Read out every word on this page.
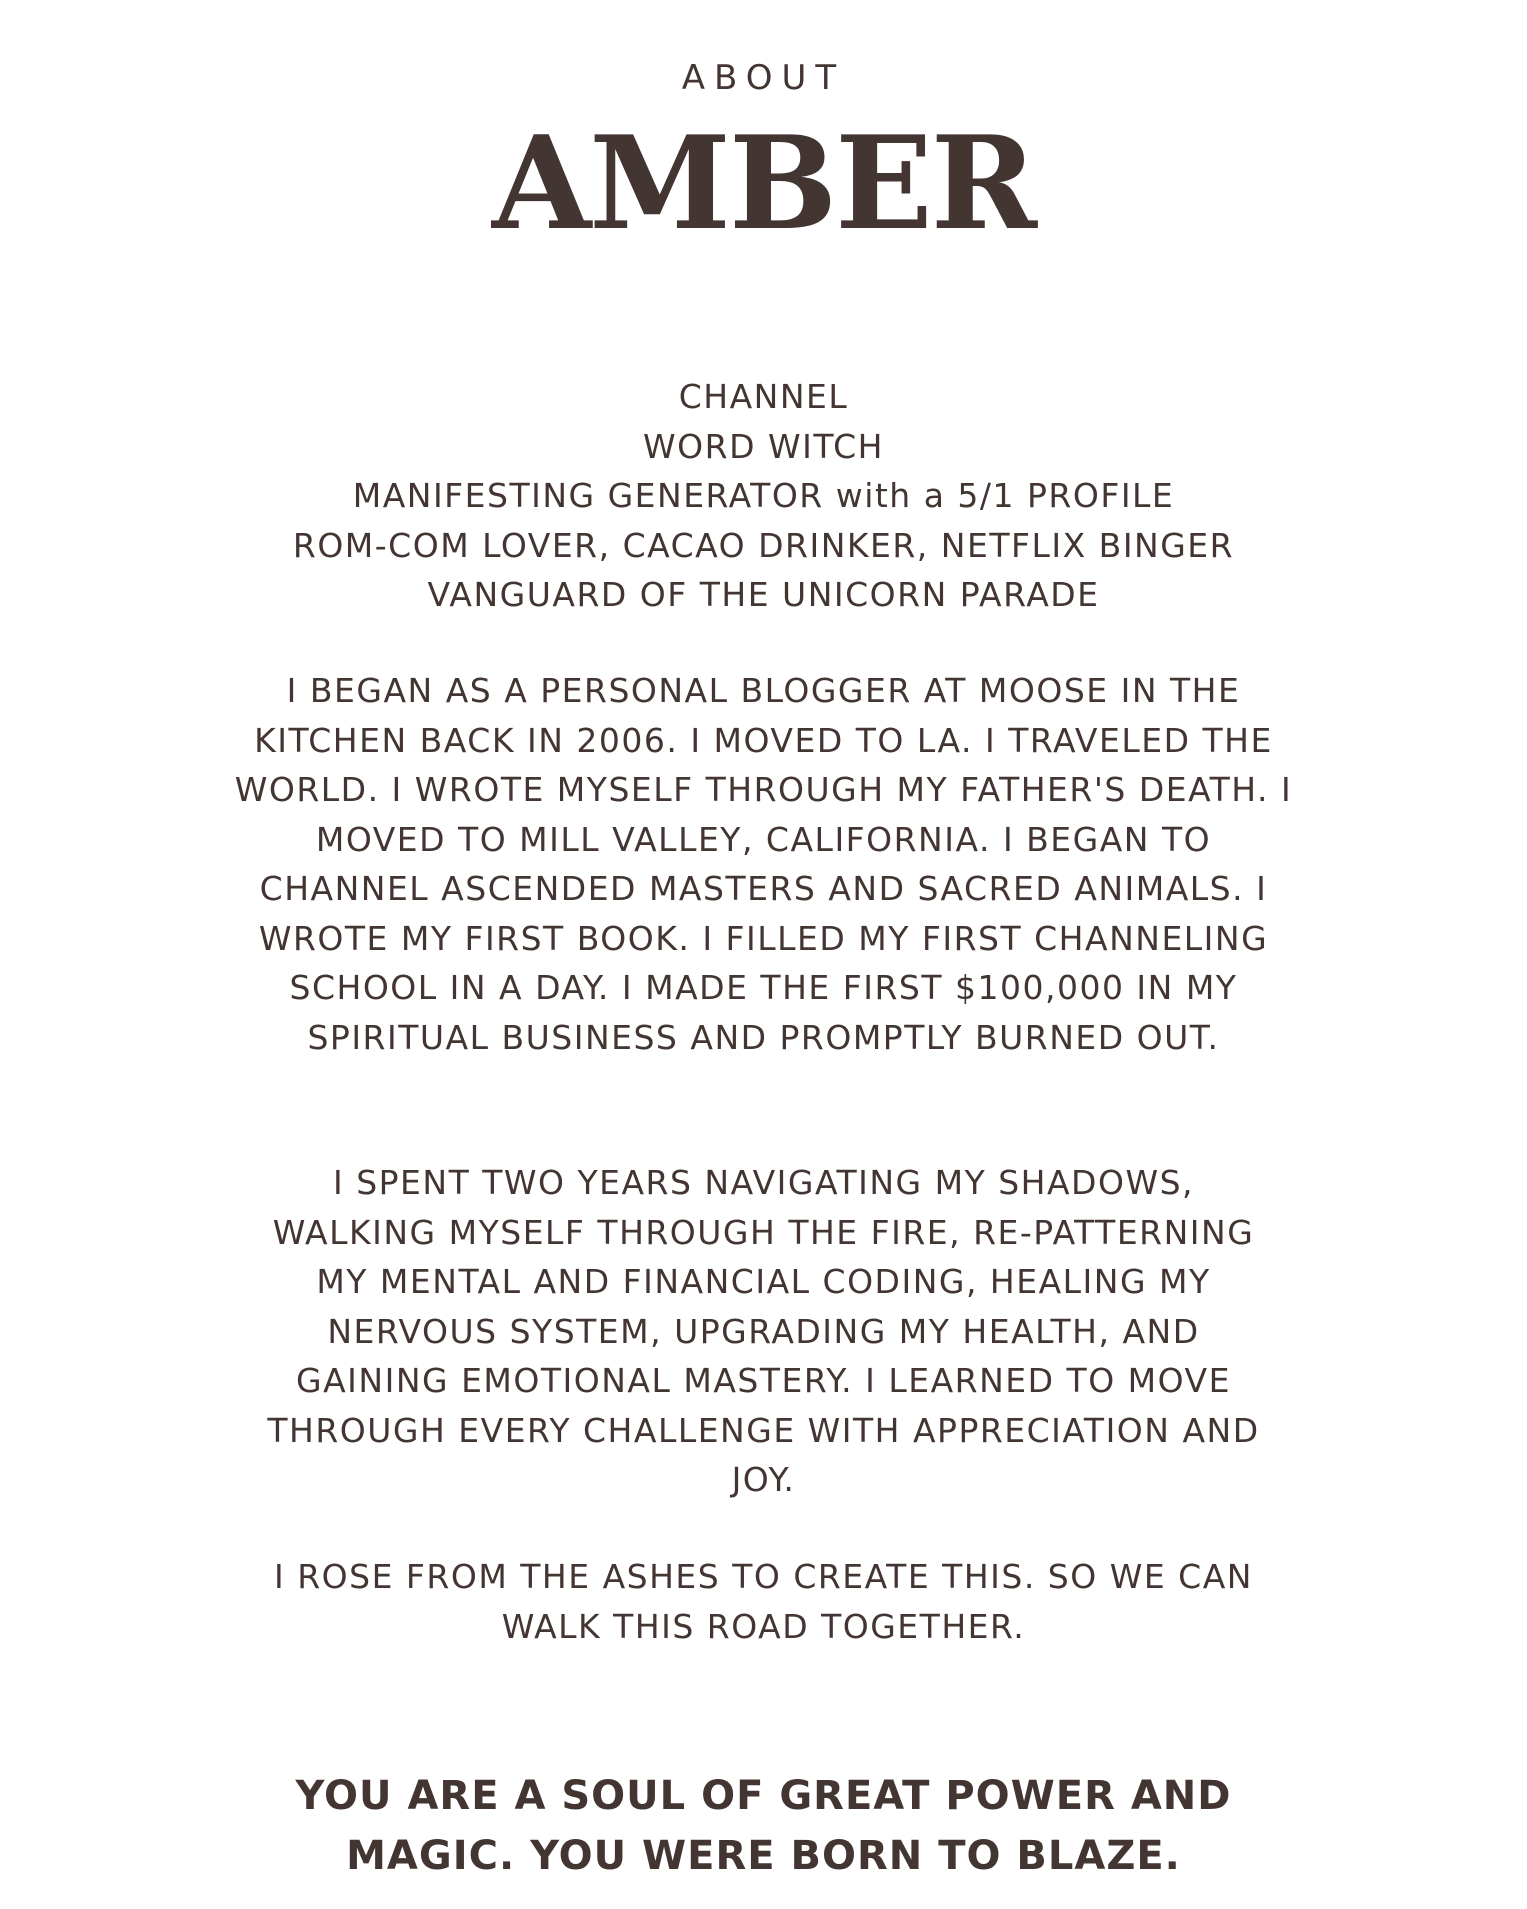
ABOUT

AMBER
CHANNEL
WORD WITCH
MANIFESTING GENERATOR with a 5/1 PROFILE
ROM-COM LOVER, CACAO DRINKER, NETFLIX BINGER
VANGUARD OF THE UNICORN PARADE

I BEGAN AS A PERSONAL BLOGGER AT MOOSE IN THE KITCHEN BACK IN 2006. I MOVED TO LA. I TRAVELED THE WORLD. I WROTE MYSELF THROUGH MY FATHER'S DEATH. I MOVED TO MILL VALLEY, CALIFORNIA. I BEGAN TO CHANNEL ASCENDED MASTERS AND SACRED ANIMALS. I WROTE MY FIRST BOOK. I FILLED MY FIRST CHANNELING SCHOOL IN A DAY. I MADE THE FIRST $100,000 IN MY SPIRITUAL BUSINESS AND PROMPTLY BURNED OUT.

I SPENT TWO YEARS NAVIGATING MY SHADOWS, WALKING MYSELF THROUGH THE FIRE, RE-PATTERNING MY MENTAL AND FINANCIAL CODING, HEALING MY NERVOUS SYSTEM, UPGRADING MY HEALTH, AND GAINING EMOTIONAL MASTERY. I LEARNED TO MOVE THROUGH EVERY CHALLENGE WITH APPRECIATION AND JOY.

I ROSE FROM THE ASHES TO CREATE THIS. SO WE CAN WALK THIS ROAD TOGETHER.

YOU ARE A SOUL OF GREAT POWER AND MAGIC. YOU WERE BORN TO BLAZE.
